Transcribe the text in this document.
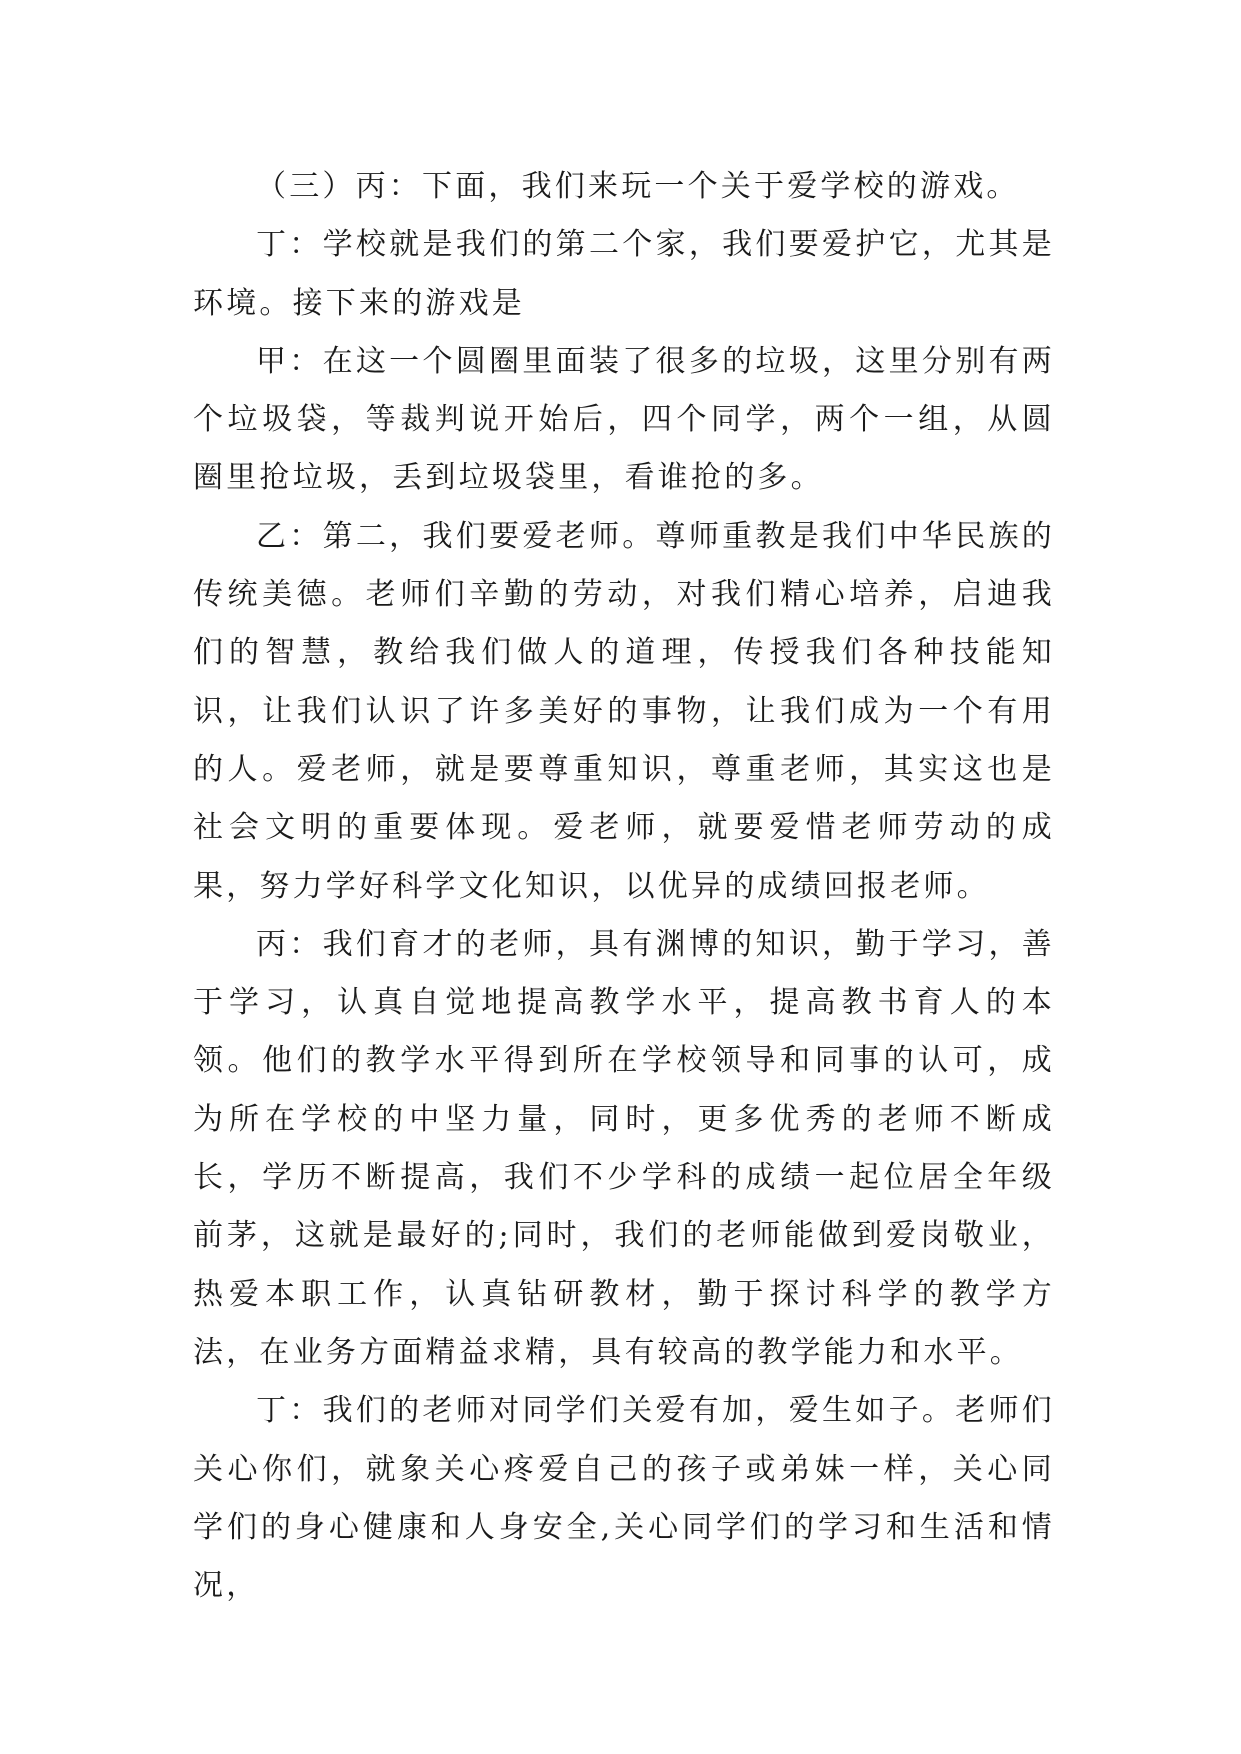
（三）丙：下面，我们来玩一个关于爱学校的游戏。

丁：学校就是我们的第二个家，我们要爱护它，尤其是环境。接下来的游戏是

甲：在这一个圆圈里面装了很多的垃圾，这里分别有两个垃圾袋，等裁判说开始后，四个同学，两个一组，从圆圈里抢垃圾，丢到垃圾袋里，看谁抢的多。

乙：第二，我们要爱老师。尊师重教是我们中华民族的传统美德。老师们辛勤的劳动，对我们精心培养，启迪我们的智慧，教给我们做人的道理，传授我们各种技能知识，让我们认识了许多美好的事物，让我们成为一个有用的人。爱老师，就是要尊重知识，尊重老师，其实这也是社会文明的重要体现。爱老师，就要爱惜老师劳动的成果，努力学好科学文化知识，以优异的成绩回报老师。

丙：我们育才的老师，具有渊博的知识，勤于学习，善于学习，认真自觉地提高教学水平，提高教书育人的本领。他们的教学水平得到所在学校领导和同事的认可，成为所在学校的中坚力量，同时，更多优秀的老师不断成长，学历不断提高，我们不少学科的成绩一起位居全年级前茅，这就是最好的;同时，我们的老师能做到爱岗敬业，热爱本职工作，认真钻研教材，勤于探讨科学的教学方法，在业务方面精益求精，具有较高的教学能力和水平。

丁：我们的老师对同学们关爱有加，爱生如子。老师们关心你们，就象关心疼爱自己的孩子或弟妹一样，关心同学们的身心健康和人身安全,关心同学们的学习和生活和情况，
